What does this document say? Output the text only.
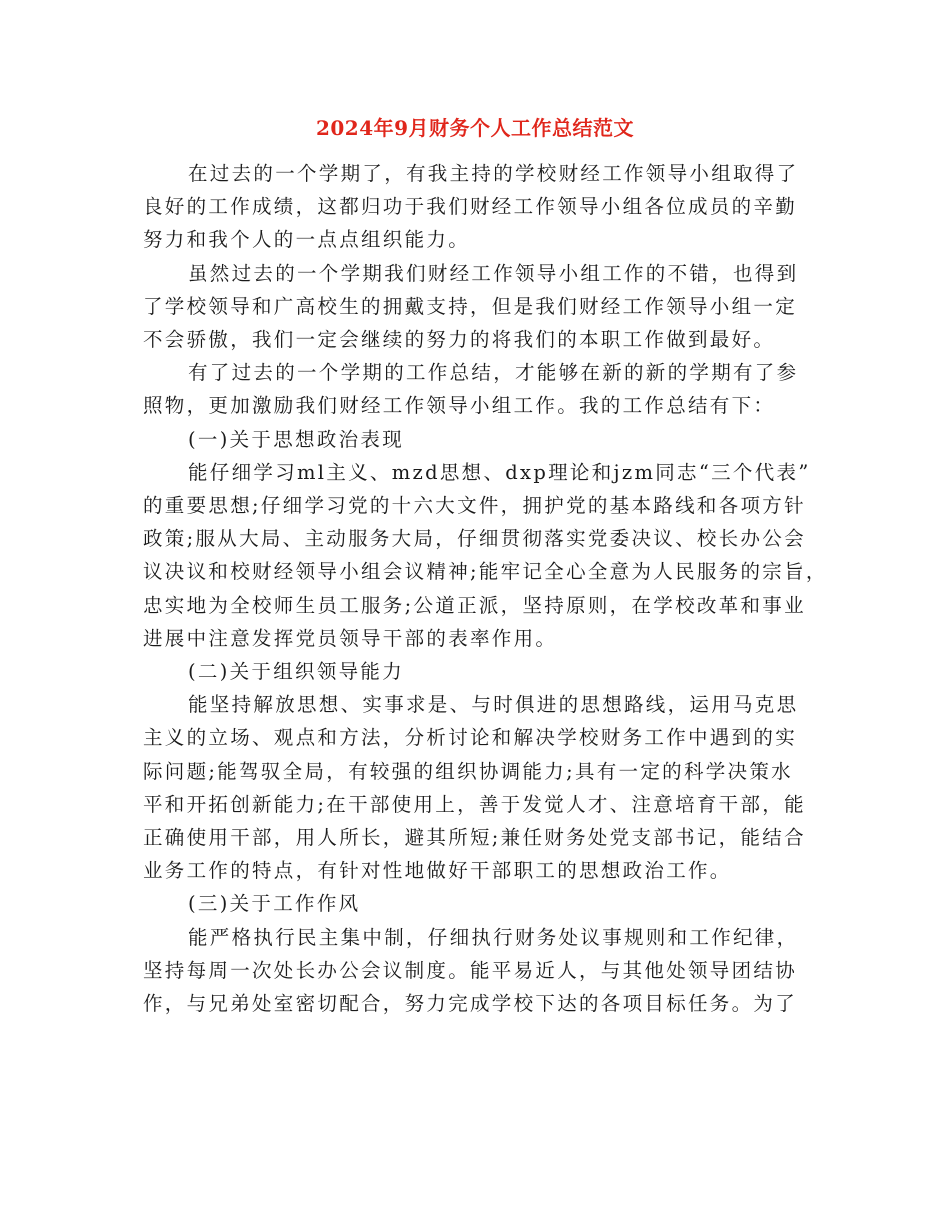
2024年9月财务个人工作总结范文
在过去的一个学期了，有我主持的学校财经工作领导小组取得了
良好的工作成绩，这都归功于我们财经工作领导小组各位成员的辛勤
努力和我个人的一点点组织能力。
虽然过去的一个学期我们财经工作领导小组工作的不错，也得到
了学校领导和广高校生的拥戴支持，但是我们财经工作领导小组一定
不会骄傲，我们一定会继续的努力的将我们的本职工作做到最好。
有了过去的一个学期的工作总结，才能够在新的新的学期有了参
照物，更加激励我们财经工作领导小组工作。我的工作总结有下：
(一)关于思想政治表现
能仔细学习ml主义、mzd思想、dxp理论和jzm同志“三个代表”
的重要思想;仔细学习党的十六大文件，拥护党的基本路线和各项方针
政策;服从大局、主动服务大局，仔细贯彻落实党委决议、校长办公会
议决议和校财经领导小组会议精神;能牢记全心全意为人民服务的宗旨，
忠实地为全校师生员工服务;公道正派，坚持原则，在学校改革和事业
进展中注意发挥党员领导干部的表率作用。
(二)关于组织领导能力
能坚持解放思想、实事求是、与时俱进的思想路线，运用马克思
主义的立场、观点和方法，分析讨论和解决学校财务工作中遇到的实
际问题;能驾驭全局，有较强的组织协调能力;具有一定的科学决策水
平和开拓创新能力;在干部使用上，善于发觉人才、注意培育干部，能
正确使用干部，用人所长，避其所短;兼任财务处党支部书记，能结合
业务工作的特点，有针对性地做好干部职工的思想政治工作。
(三)关于工作作风
能严格执行民主集中制，仔细执行财务处议事规则和工作纪律，
坚持每周一次处长办公会议制度。能平易近人，与其他处领导团结协
作，与兄弟处室密切配合，努力完成学校下达的各项目标任务。为了
